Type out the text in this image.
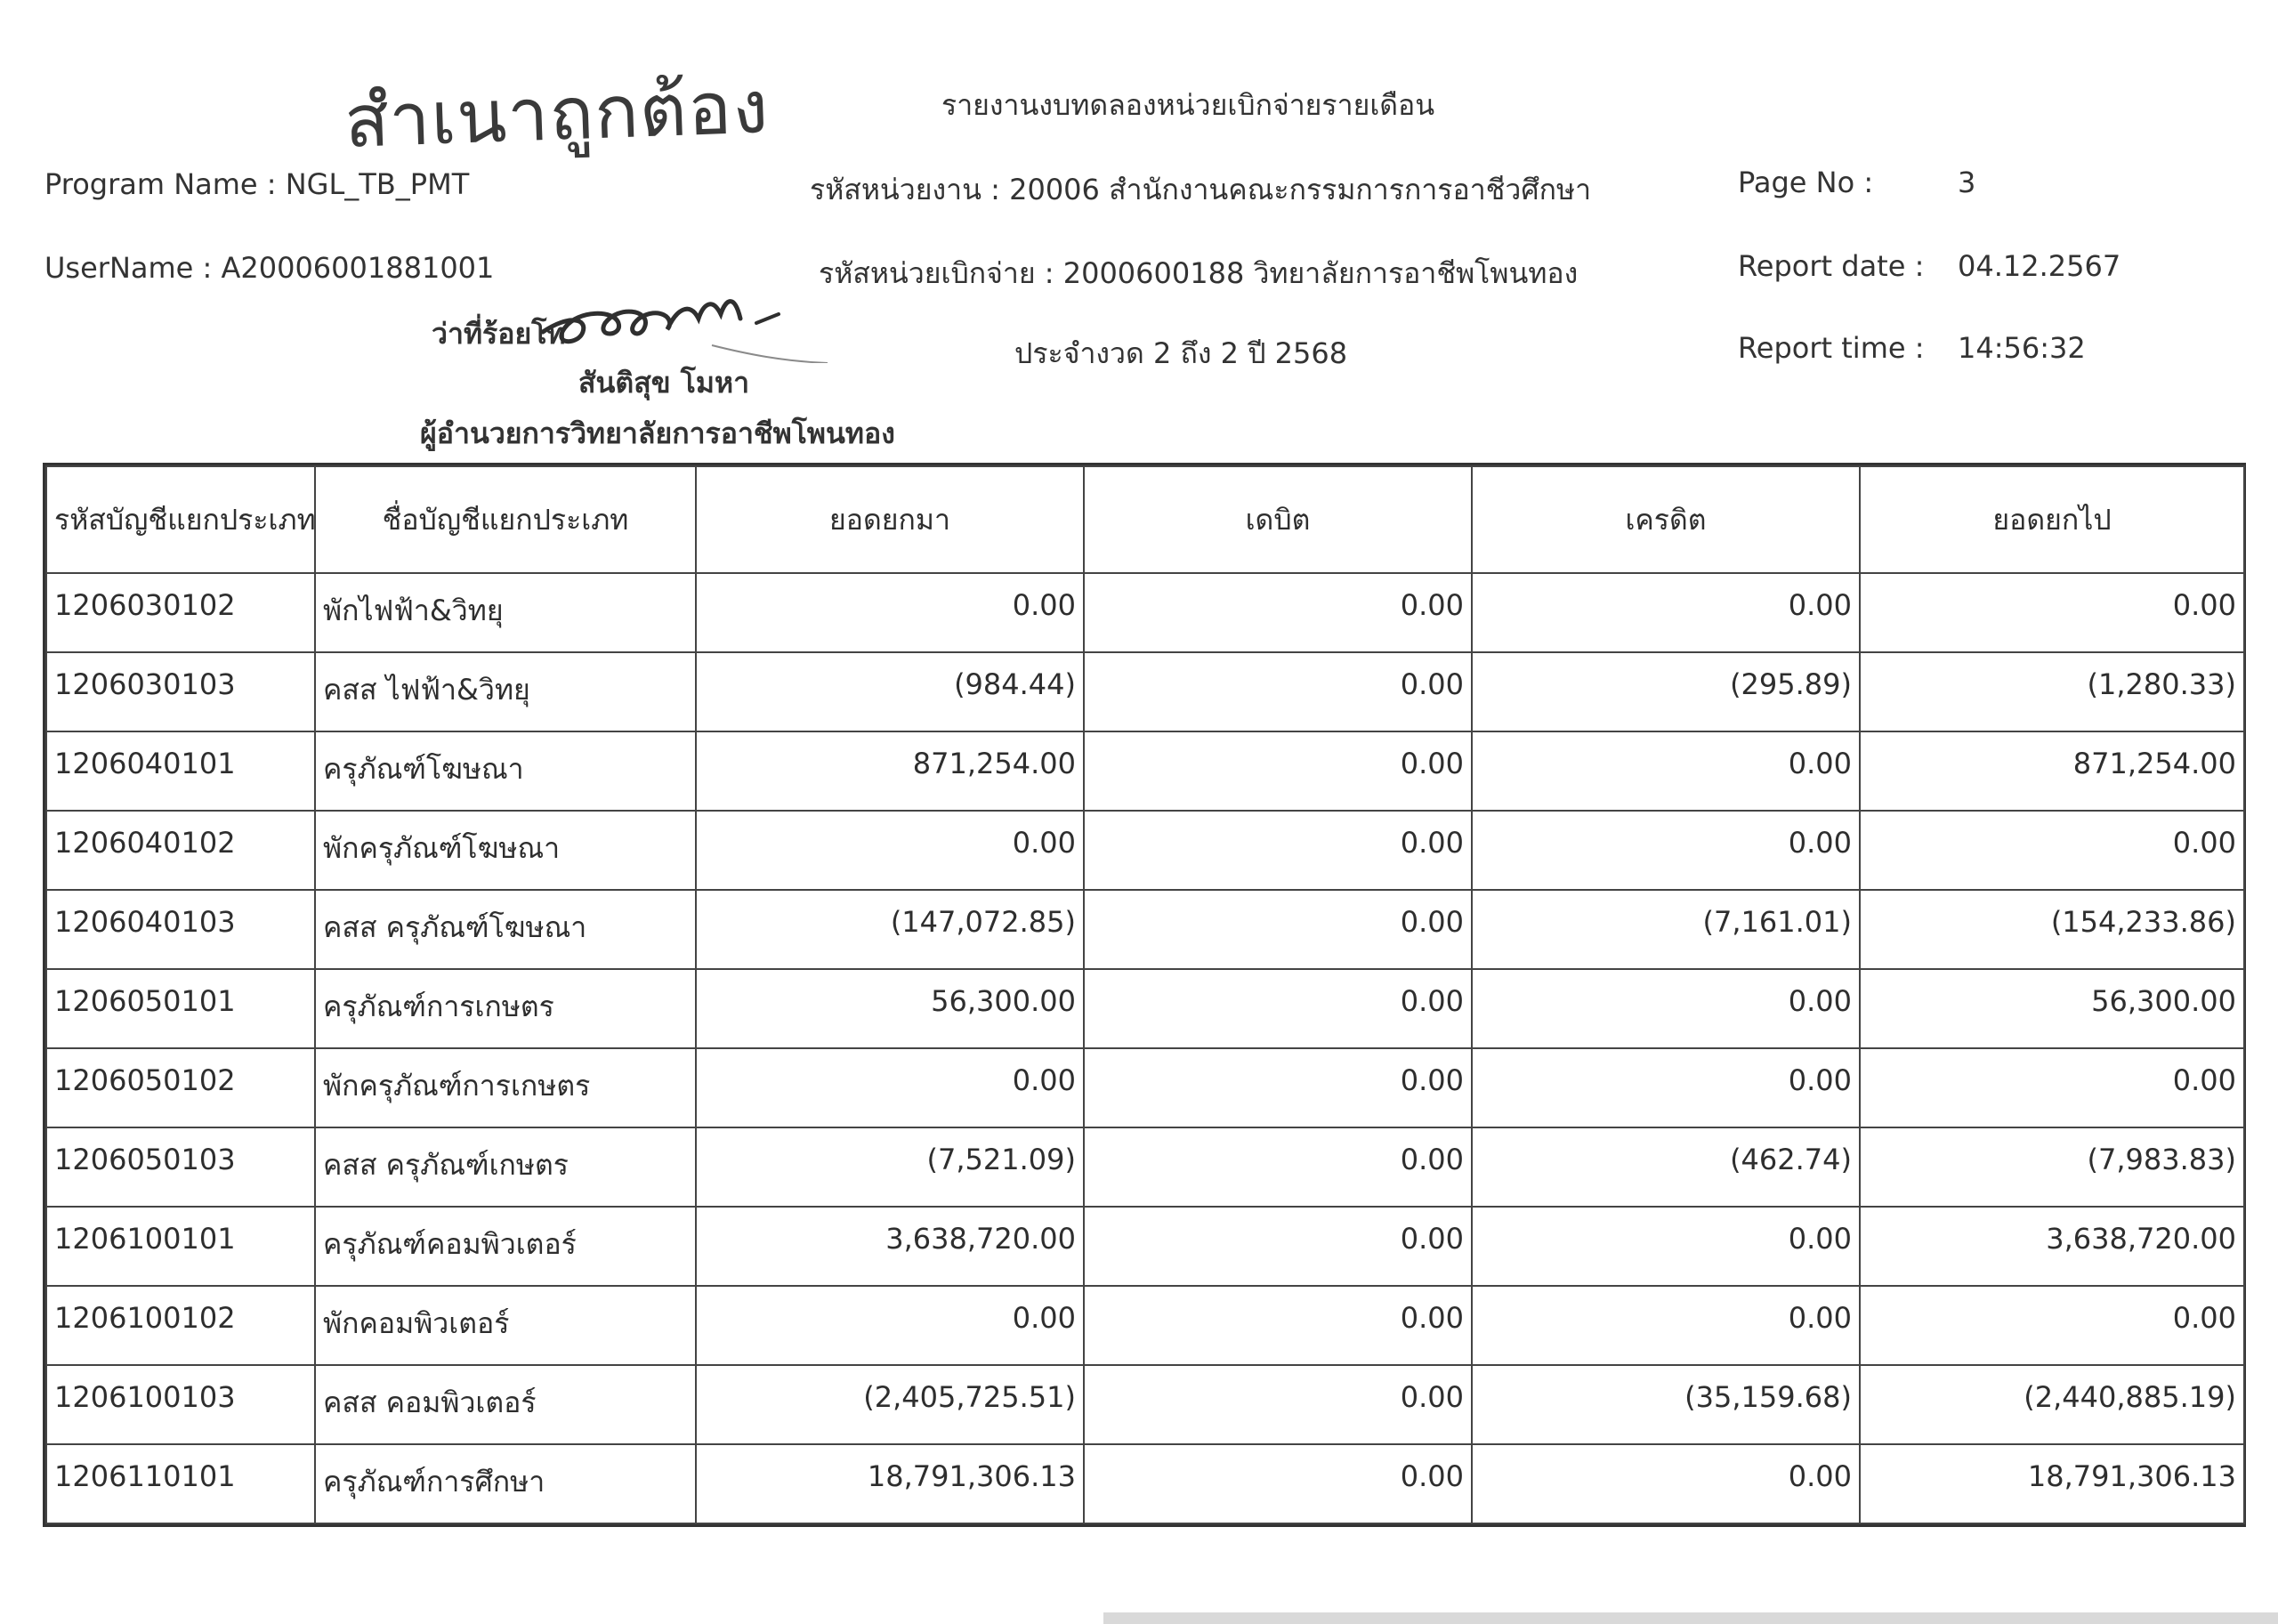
สำเนาถูกต้อง	รายงานงบทดลองหน่วยเบิกจ่ายรายเดือน
Program Name : NGL_TB_PMT
UserName : A20006001881001
รหัสหน่วยงาน : 20006 สำนักงานคณะกรรมการการอาชีวศึกษา
รหัสหน่วยเบิกจ่าย : 2000600188 วิทยาลัยการอาชีพโพนทอง
ประจำงวด 2 ถึง 2 ปี 2568
Page No :	3
Report date : 04.12.2567
Report time : 14:56:32
ว่าที่ร้อยโท
สันติสุข โมหา
ผู้อำนวยการวิทยาลัยการอาชีพโพนทอง
รหัสบัญชีแยกประเภท	ชื่อบัญชีแยกประเภท	ยอดยกมา	เดบิต	เครดิต	ยอดยกไป
1206030102	พักไฟฟ้า&วิทยุ	0.00	0.00	0.00	0.00
1206030103	คสส ไฟฟ้า&วิทยุ	(984.44)	0.00	(295.89)	(1,280.33)
1206040101	ครุภัณฑ์โฆษณา	871,254.00	0.00	0.00	871,254.00
1206040102	พักครุภัณฑ์โฆษณา	0.00	0.00	0.00	0.00
1206040103	คสส ครุภัณฑ์โฆษณา	(147,072.85)	0.00	(7,161.01)	(154,233.86)
1206050101	ครุภัณฑ์การเกษตร	56,300.00	0.00	0.00	56,300.00
1206050102	พักครุภัณฑ์การเกษตร	0.00	0.00	0.00	0.00
1206050103	คสส ครุภัณฑ์เกษตร	(7,521.09)	0.00	(462.74)	(7,983.83)
1206100101	ครุภัณฑ์คอมพิวเตอร์	3,638,720.00	0.00	0.00	3,638,720.00
1206100102	พักคอมพิวเตอร์	0.00	0.00	0.00	0.00
1206100103	คสส คอมพิวเตอร์	(2,405,725.51)	0.00	(35,159.68)	(2,440,885.19)
1206110101	ครุภัณฑ์การศึกษา	18,791,306.13	0.00	0.00	18,791,306.13
